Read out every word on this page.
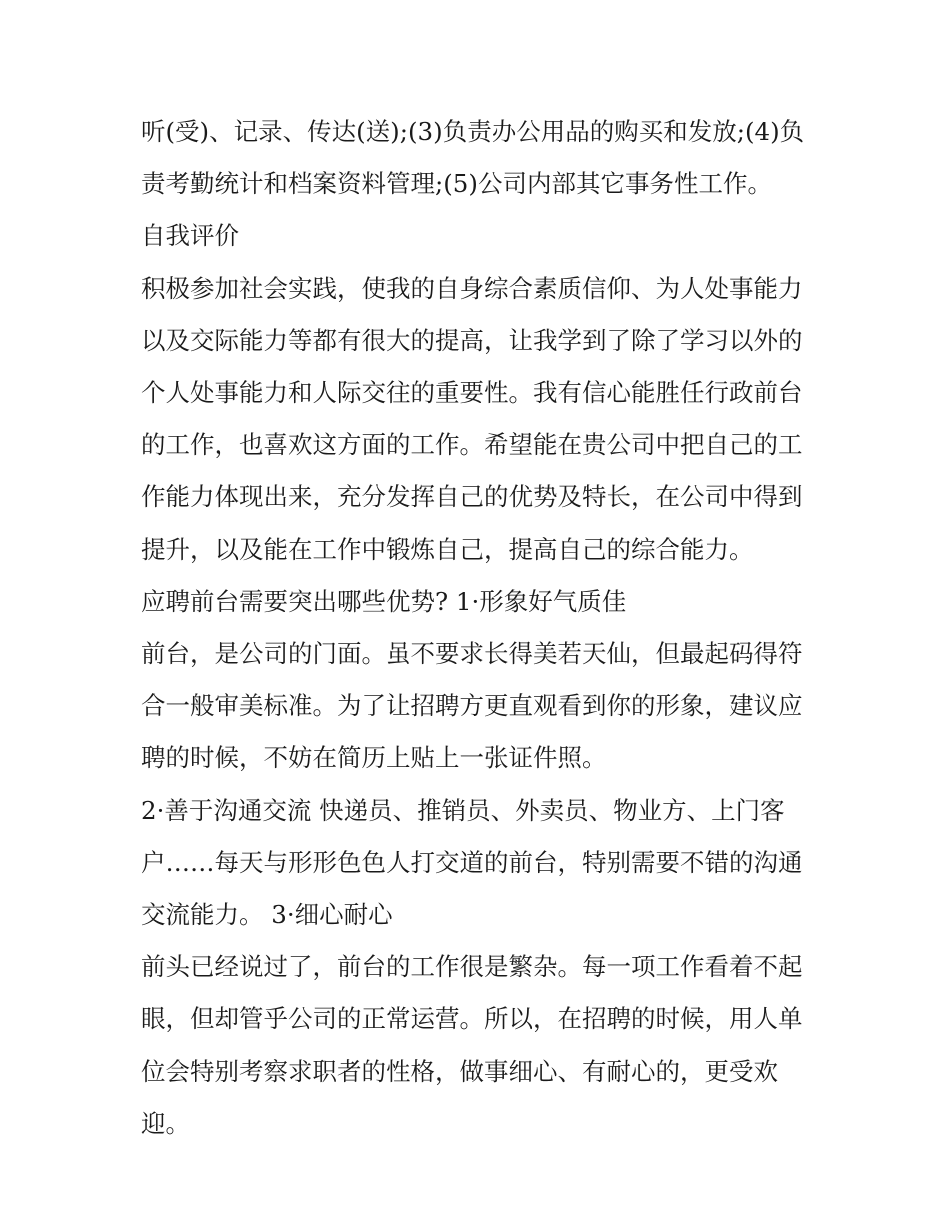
听(受)、记录、传达(送);(3)负责办公用品的购买和发放;(4)负责考勤统计和档案资料管理;(5)公司内部其它事务性工作。

自我评价

积极参加社会实践，使我的自身综合素质信仰、为人处事能力以及交际能力等都有很大的提高，让我学到了除了学习以外的个人处事能力和人际交往的重要性。我有信心能胜任行政前台的工作，也喜欢这方面的工作。希望能在贵公司中把自己的工作能力体现出来，充分发挥自己的优势及特长，在公司中得到提升，以及能在工作中锻炼自己，提高自己的综合能力。

应聘前台需要突出哪些优势? 1·形象好气质佳

前台，是公司的门面。虽不要求长得美若天仙，但最起码得符合一般审美标准。为了让招聘方更直观看到你的形象，建议应聘的时候，不妨在简历上贴上一张证件照。

2·善于沟通交流 快递员、推销员、外卖员、物业方、上门客户……每天与形形色色人打交道的前台，特别需要不错的沟通交流能力。 3·细心耐心

前头已经说过了，前台的工作很是繁杂。每一项工作看着不起眼，但却管乎公司的正常运营。所以，在招聘的时候，用人单位会特别考察求职者的性格，做事细心、有耐心的，更受欢迎。
